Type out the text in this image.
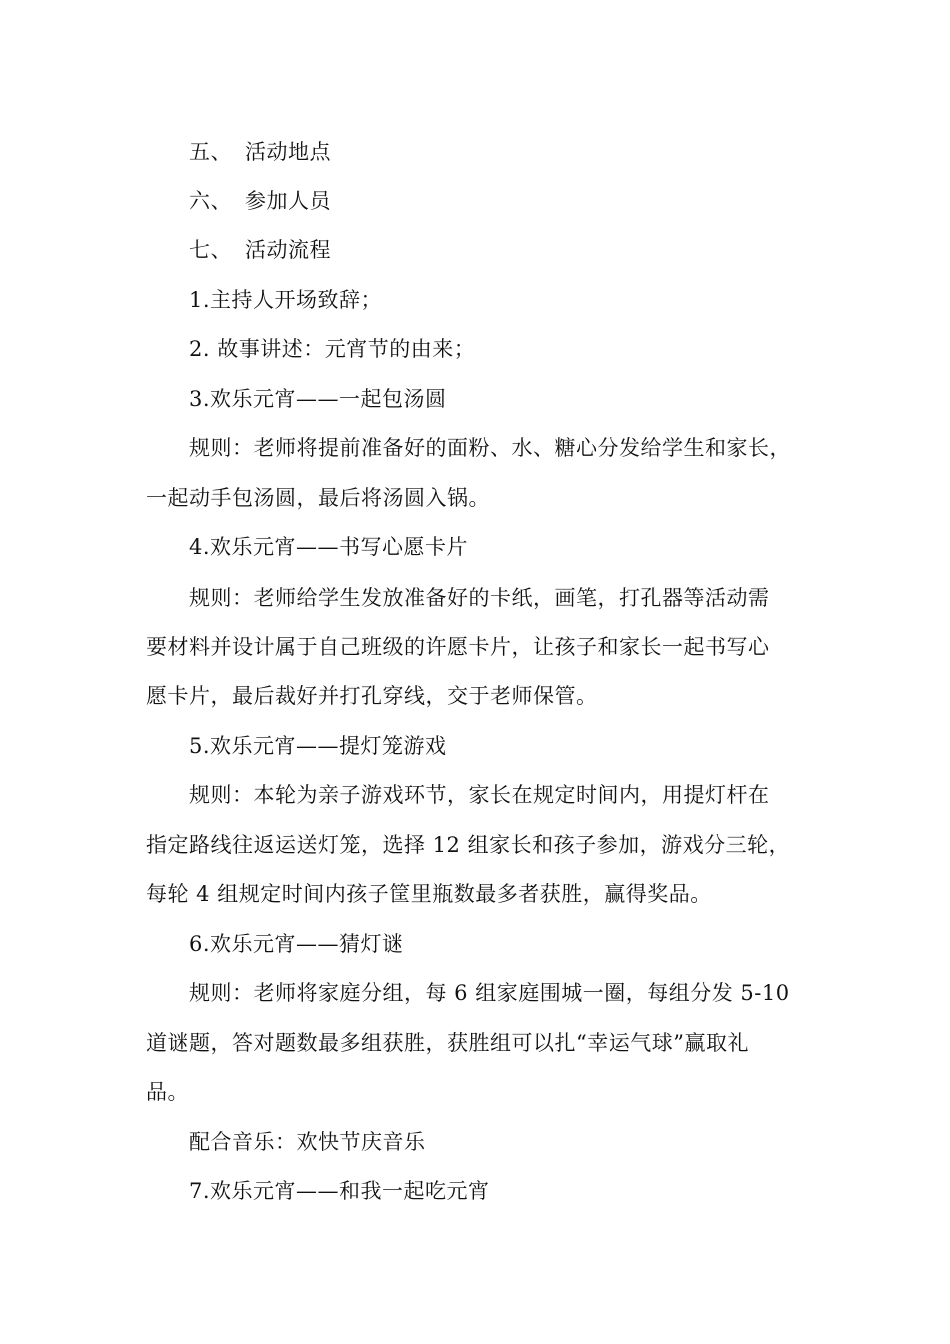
五、 活动地点
六、 参加人员
七、 活动流程
1.主持人开场致辞；
2. 故事讲述：元宵节的由来；
3.欢乐元宵——一起包汤圆
规则：老师将提前准备好的面粉、水、糖心分发给学生和家长，
一起动手包汤圆，最后将汤圆入锅。
4.欢乐元宵——书写心愿卡片
规则：老师给学生发放准备好的卡纸，画笔，打孔器等活动需
要材料并设计属于自己班级的许愿卡片，让孩子和家长一起书写心
愿卡片，最后裁好并打孔穿线，交于老师保管。
5.欢乐元宵——提灯笼游戏
规则：本轮为亲子游戏环节，家长在规定时间内，用提灯杆在
指定路线往返运送灯笼，选择 12 组家长和孩子参加，游戏分三轮，
每轮 4 组规定时间内孩子筐里瓶数最多者获胜，赢得奖品。
6.欢乐元宵——猜灯谜
规则：老师将家庭分组，每 6 组家庭围城一圈，每组分发 5-10
道谜题，答对题数最多组获胜，获胜组可以扎“幸运气球”赢取礼
品。
配合音乐：欢快节庆音乐
7.欢乐元宵——和我一起吃元宵
